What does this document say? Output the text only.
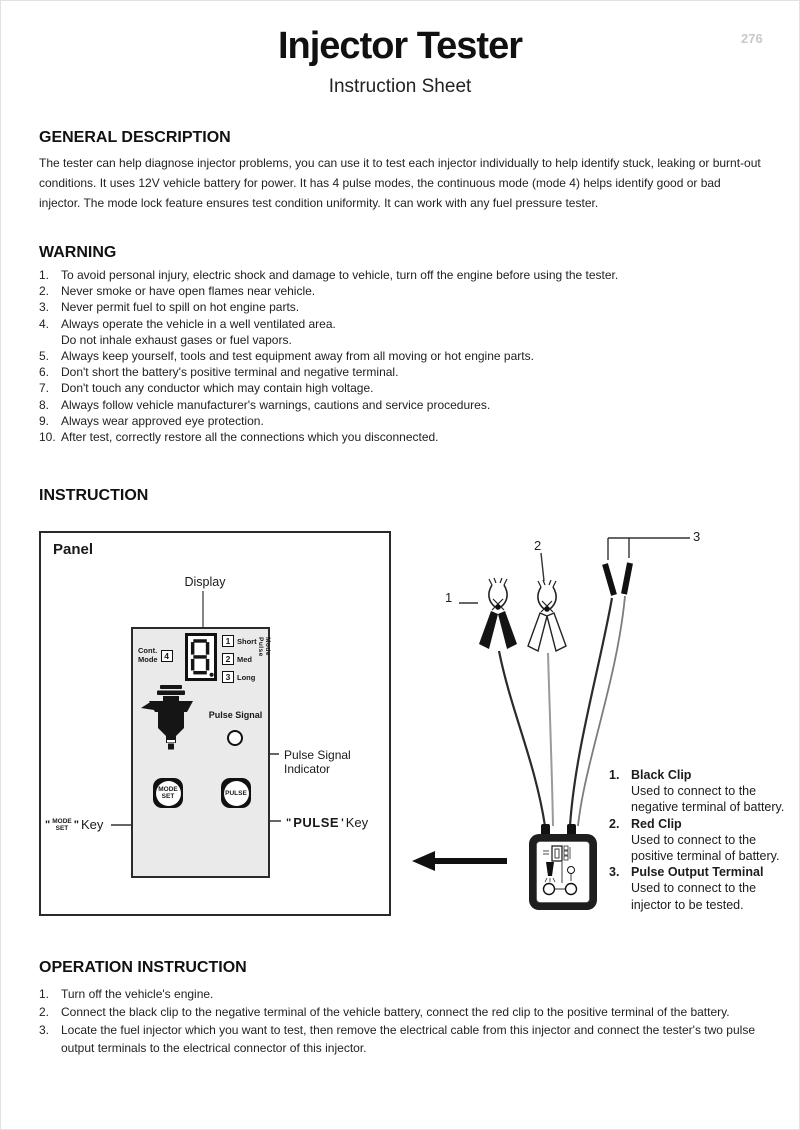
276
Injector Tester
Instruction Sheet
GENERAL DESCRIPTION
The tester can help diagnose injector problems, you can use it to test each injector individually to help identify stuck, leaking or burnt-out conditions. It uses 12V vehicle battery for power. It has 4 pulse modes, the continuous mode (mode 4) helps identify good or bad injector. The mode lock feature ensures test condition uniformity. It can work with any fuel pressure tester.
WARNING
1. To avoid personal injury, electric shock and damage to vehicle, turn off the engine before using the tester.
2. Never smoke or have open flames near vehicle.
3. Never permit fuel to spill on hot engine parts.
4. Always operate the vehicle in a well ventilated area.
Do not inhale exhaust gases or fuel vapors.
5. Always keep yourself, tools and test equipment away from all moving or hot engine parts.
6. Don't short the battery's positive terminal and negative terminal.
7. Don't touch any conductor which may contain high voltage.
8. Always follow vehicle manufacturer's warnings, cautions and service procedures.
9. Always wear approved eye protection.
10. After test, correctly restore all the connections which you disconnected.
INSTRUCTION
1
2
3
1. Black Clip
Used to connect to the
negative terminal of battery.
2. Red Clip
Used to connect to the
positive terminal of battery.
3. Pulse Output Terminal
Used to connect to the
injector to be tested.
Panel
Display
Cont.
Mode 4
1 Short
2 Med
3 Long
Pulse Mode
Pulse Signal
Pulse Signal Indicator
MODE
SET	PULSE
" MODE
SET " Key	" PULSE ' Key
OPERATION INSTRUCTION
1. Turn off the vehicle's engine.
2. Connect the black clip to the negative terminal of the vehicle battery, connect the red clip to the positive terminal of the battery.
3. Locate the fuel injector which you want to test, then remove the electrical cable from this injector and connect the tester's two pulse output terminals to the electrical connector of this injector.
